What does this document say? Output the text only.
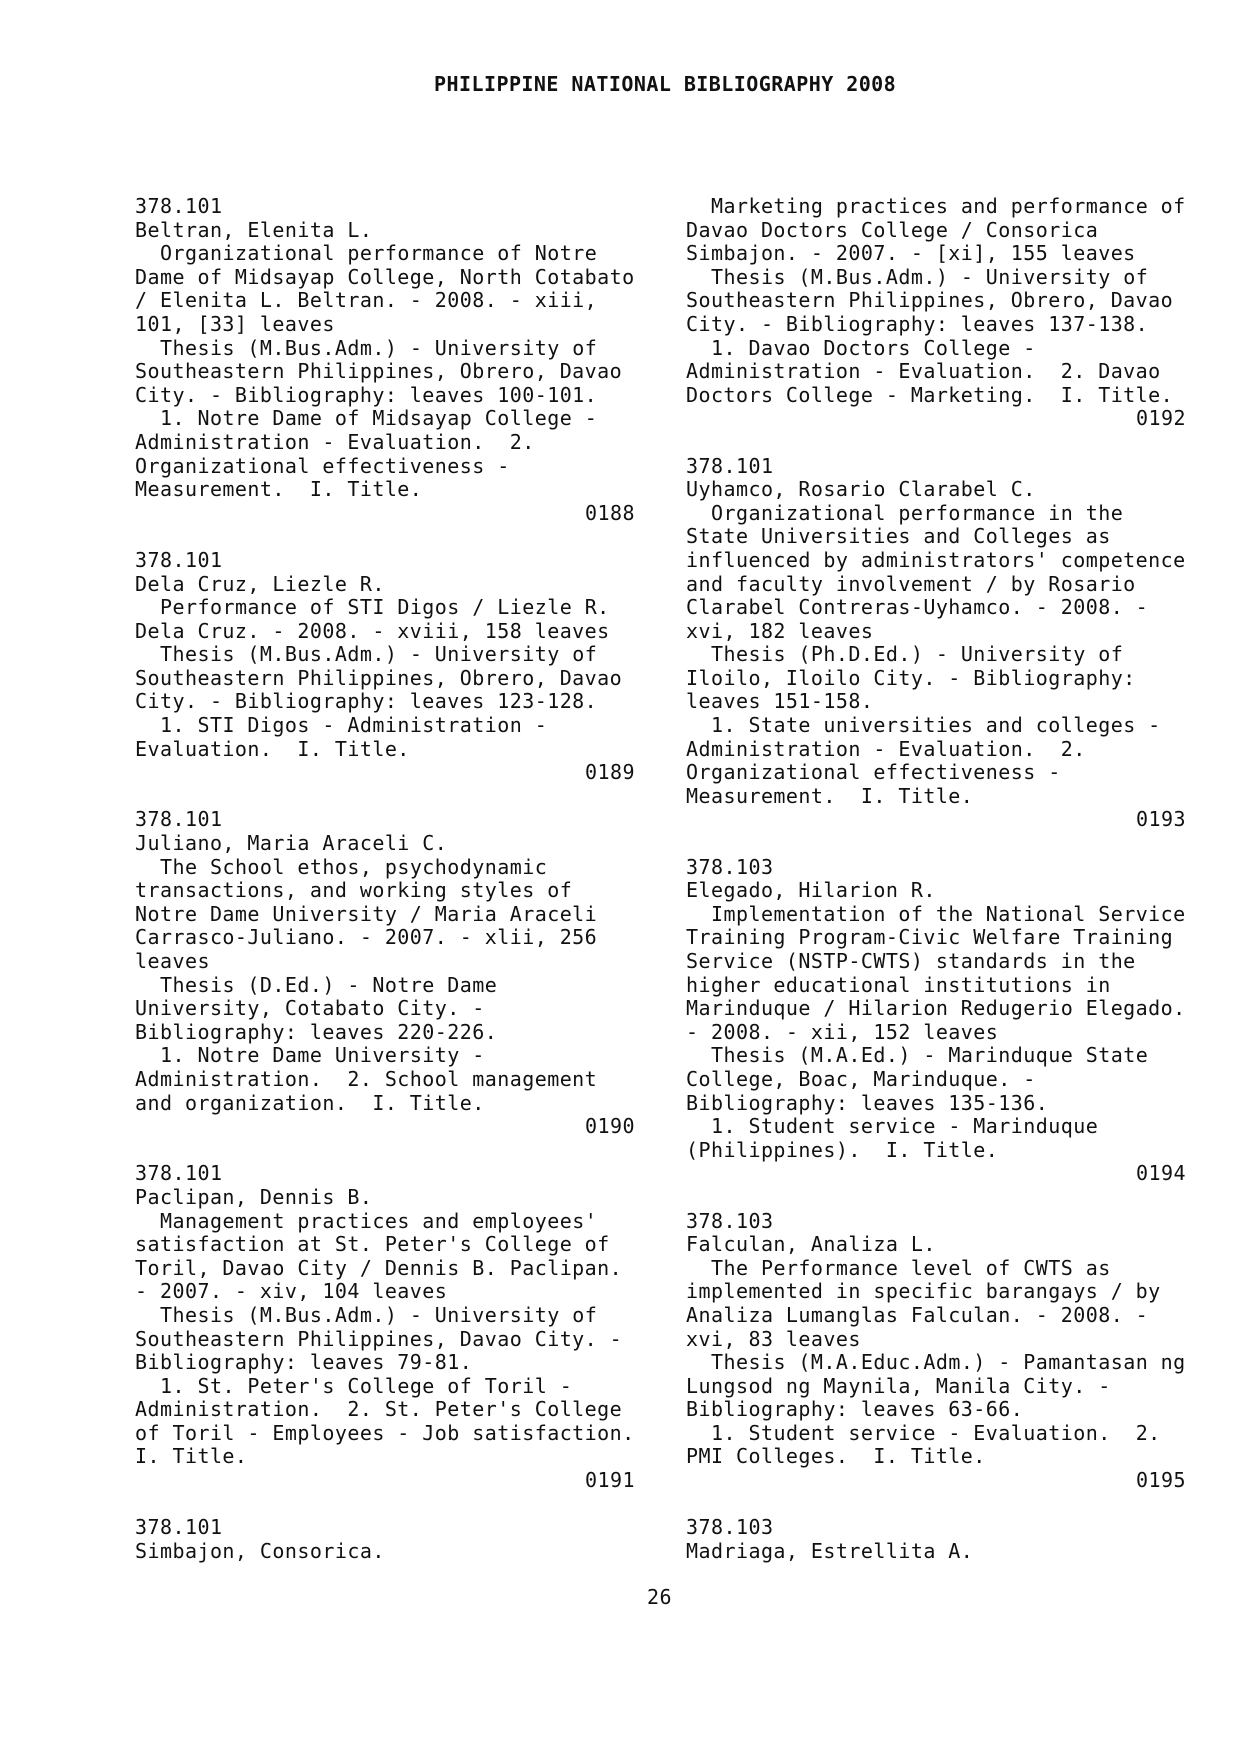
PHILIPPINE NATIONAL BIBLIOGRAPHY 2008
378.101
Beltran, Elenita L.
Organizational performance of Notre
Dame of Midsayap College, North Cotabato
/ Elenita L. Beltran. - 2008. - xiii,
101, [33] leaves
Thesis (M.Bus.Adm.) - University of
Southeastern Philippines, Obrero, Davao
City. - Bibliography: leaves 100-101.
1. Notre Dame of Midsayap College -
Administration - Evaluation.  2.
Organizational effectiveness -
Measurement.  I. Title.
0188
378.101
Dela Cruz, Liezle R.
Performance of STI Digos / Liezle R.
Dela Cruz. - 2008. - xviii, 158 leaves
Thesis (M.Bus.Adm.) - University of
Southeastern Philippines, Obrero, Davao
City. - Bibliography: leaves 123-128.
1. STI Digos - Administration -
Evaluation.  I. Title.
0189
378.101
Juliano, Maria Araceli C.
The School ethos, psychodynamic
transactions, and working styles of
Notre Dame University / Maria Araceli
Carrasco-Juliano. - 2007. - xlii, 256
leaves
Thesis (D.Ed.) - Notre Dame
University, Cotabato City. -
Bibliography: leaves 220-226.
1. Notre Dame University -
Administration.  2. School management
and organization.  I. Title.
0190
378.101
Paclipan, Dennis B.
Management practices and employees'
satisfaction at St. Peter's College of
Toril, Davao City / Dennis B. Paclipan.
- 2007. - xiv, 104 leaves
Thesis (M.Bus.Adm.) - University of
Southeastern Philippines, Davao City. -
Bibliography: leaves 79-81.
1. St. Peter's College of Toril -
Administration.  2. St. Peter's College
of Toril - Employees - Job satisfaction.
I. Title.
0191
378.101
Simbajon, Consorica.
Marketing practices and performance of
Davao Doctors College / Consorica
Simbajon. - 2007. - [xi], 155 leaves
Thesis (M.Bus.Adm.) - University of
Southeastern Philippines, Obrero, Davao
City. - Bibliography: leaves 137-138.
1. Davao Doctors College -
Administration - Evaluation.  2. Davao
Doctors College - Marketing.  I. Title.
0192
378.101
Uyhamco, Rosario Clarabel C.
Organizational performance in the
State Universities and Colleges as
influenced by administrators' competence
and faculty involvement / by Rosario
Clarabel Contreras-Uyhamco. - 2008. -
xvi, 182 leaves
Thesis (Ph.D.Ed.) - University of
Iloilo, Iloilo City. - Bibliography:
leaves 151-158.
1. State universities and colleges -
Administration - Evaluation.  2.
Organizational effectiveness -
Measurement.  I. Title.
0193
378.103
Elegado, Hilarion R.
Implementation of the National Service
Training Program-Civic Welfare Training
Service (NSTP-CWTS) standards in the
higher educational institutions in
Marinduque / Hilarion Redugerio Elegado.
- 2008. - xii, 152 leaves
Thesis (M.A.Ed.) - Marinduque State
College, Boac, Marinduque. -
Bibliography: leaves 135-136.
1. Student service - Marinduque
(Philippines).  I. Title.
0194
378.103
Falculan, Analiza L.
The Performance level of CWTS as
implemented in specific barangays / by
Analiza Lumanglas Falculan. - 2008. -
xvi, 83 leaves
Thesis (M.A.Educ.Adm.) - Pamantasan ng
Lungsod ng Maynila, Manila City. -
Bibliography: leaves 63-66.
1. Student service - Evaluation.  2.
PMI Colleges.  I. Title.
0195
378.103
Madriaga, Estrellita A.
26
